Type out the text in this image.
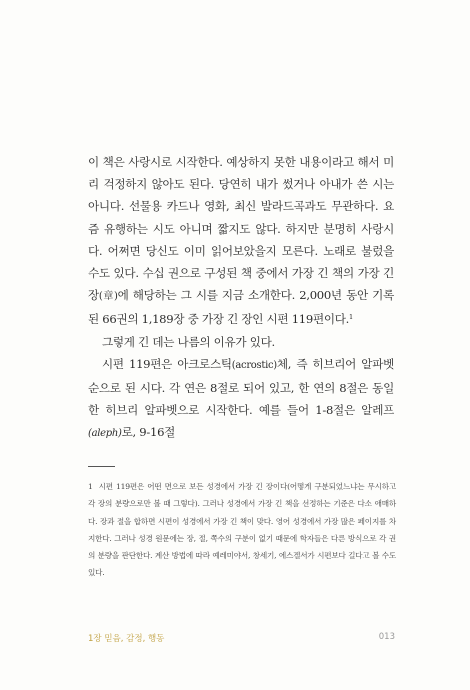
이 책은 사랑시로 시작한다. 예상하지 못한 내용이라고 해서 미리 걱정하지 않아도 된다. 당연히 내가 썼거나 아내가 쓴 시는 아니다. 선물용 카드나 영화, 최신 발라드곡과도 무관하다. 요즘 유행하는 시도 아니며 짧지도 않다. 하지만 분명히 사랑시다. 어쩌면 당신도 이미 읽어보았을지 모른다. 노래로 불렀을 수도 있다. 수십 권으로 구성된 책 중에서 가장 긴 책의 가장 긴 장(章)에 해당하는 그 시를 지금 소개한다. 2,000년 동안 기록된 66권의 1,189장 중 가장 긴 장인 시편 119편이다.$^1$

그렇게 긴 데는 나름의 이유가 있다.

시편 119편은 아크로스틱(acrostic)체, 즉 히브리어 알파벳순으로 된 시다. 각 연은 8절로 되어 있고, 한 연의 8절은 동일한 히브리 알파벳으로 시작한다. 예를 들어 1-8절은 알레프(aleph)로, 9-16절

1 시편 119편은 어떤 면으로 보든 성경에서 가장 긴 장이다(어떻게 구분되었느냐는 무시하고 각 장의 분량으로만 볼 때 그렇다). 그러나 성경에서 가장 긴 책을 선정하는 기준은 다소 애매하다. 장과 절을 합하면 시편이 성경에서 가장 긴 책이 맞다. 영어 성경에서 가장 많은 페이지를 차지한다. 그러나 성경 원문에는 장, 절, 쪽수의 구분이 없기 때문에 학자들은 다른 방식으로 각 권의 분량을 판단한다. 계산 방법에 따라 예레미야서, 창세기, 에스겔서가 시편보다 길다고 볼 수도 있다.
1장 믿음, 감정, 행동	013
